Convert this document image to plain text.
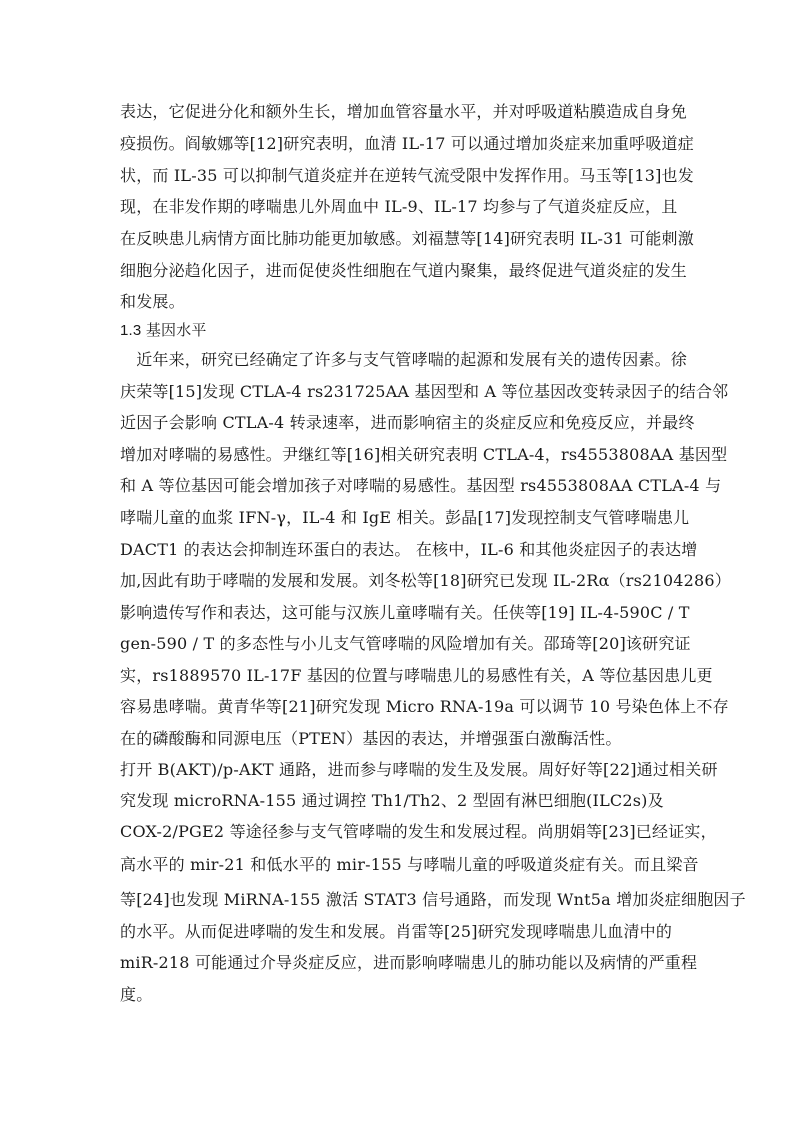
表达，它促进分化和额外生长，增加血管容量水平，并对呼吸道粘膜造成自身免
疫损伤。阎敏娜等[12]研究表明，血清 IL-17 可以通过增加炎症来加重呼吸道症
状，而 IL-35 可以抑制气道炎症并在逆转气流受限中发挥作用。马玉等[13]也发
现，在非发作期的哮喘患儿外周血中 IL-9、IL-17 均参与了气道炎症反应，且
在反映患儿病情方面比肺功能更加敏感。刘福慧等[14]研究表明 IL-31 可能刺激
细胞分泌趋化因子，进而促使炎性细胞在气道内聚集，最终促进气道炎症的发生
和发展。
1.3 基因水平
　近年来，研究已经确定了许多与支气管哮喘的起源和发展有关的遗传因素。徐
庆荣等[15]发现 CTLA-4 rs231725AA 基因型和 A 等位基因改变转录因子的结合邻
近因子会影响 CTLA-4 转录速率，进而影响宿主的炎症反应和免疫反应，并最终
增加对哮喘的易感性。尹继红等[16]相关研究表明 CTLA-4，rs4553808AA 基因型
和 A 等位基因可能会增加孩子对哮喘的易感性。基因型 rs4553808AA CTLA-4 与
哮喘儿童的血浆 IFN-γ，IL-4 和 IgE 相关。彭晶[17]发现控制支气管哮喘患儿
DACT1 的表达会抑制连环蛋白的表达。 在核中，IL-6 和其他炎症因子的表达增
加,因此有助于哮喘的发展和发展。刘冬松等[18]研究已发现 IL-2Rα（rs2104286）
影响遗传写作和表达，这可能与汉族儿童哮喘有关。任侠等[19] IL-4-590C / T
gen-590 / T 的多态性与小儿支气管哮喘的风险增加有关。邵琦等[20]该研究证
实，rs1889570 IL-17F 基因的位置与哮喘患儿的易感性有关，A 等位基因患儿更
容易患哮喘。黄青华等[21]研究发现 Micro RNA-19a 可以调节 10 号染色体上不存
在的磷酸酶和同源电压（PTEN）基因的表达，并增强蛋白激酶活性。
打开 B(AKT)/p-AKT 通路，进而参与哮喘的发生及发展。周好好等[22]通过相关研
究发现 microRNA-155 通过调控 Th1/Th2、2 型固有淋巴细胞(ILC2s)及
COX-2/PGE2 等途径参与支气管哮喘的发生和发展过程。尚朋娟等[23]已经证实，
高水平的 mir-21 和低水平的 mir-155 与哮喘儿童的呼吸道炎症有关。而且梁音
等[24]也发现 MiRNA-155 激活 STAT3 信号通路，而发现 Wnt5a 增加炎症细胞因子
的水平。从而促进哮喘的发生和发展。肖雷等[25]研究发现哮喘患儿血清中的
miR-218 可能通过介导炎症反应，进而影响哮喘患儿的肺功能以及病情的严重程
度。
